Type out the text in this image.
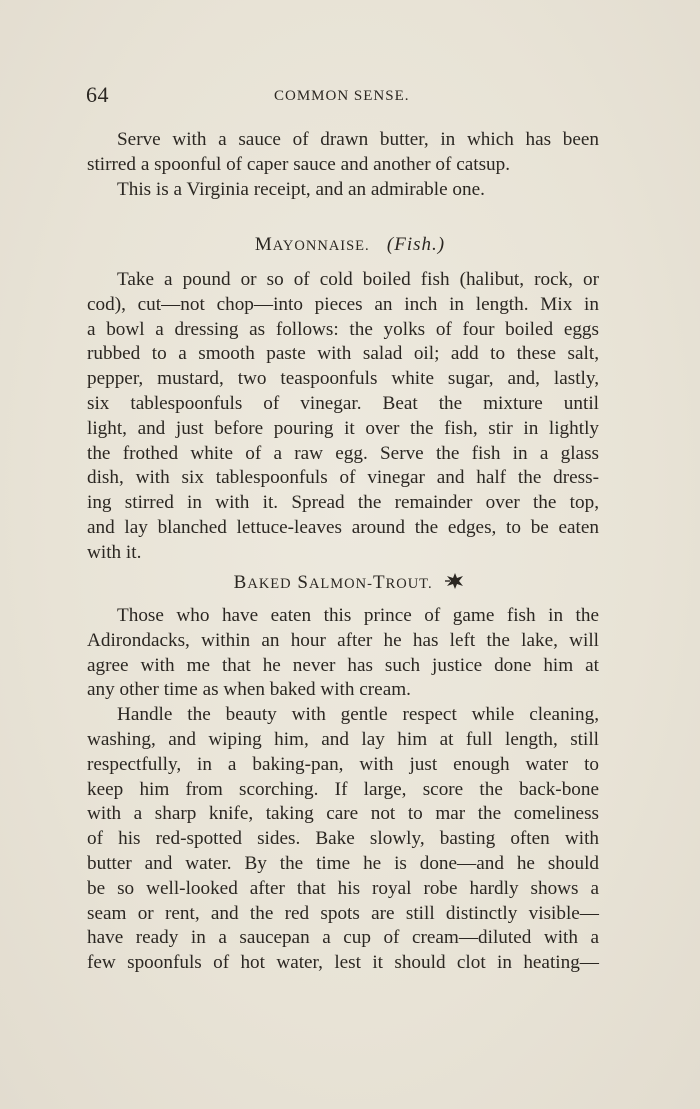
64	COMMON SENSE.

Serve with a sauce of drawn butter, in which has been

stirred a spoonful of caper sauce and another of catsup.

This is a Virginia receipt, and an admirable one.

MAYONNAISE. (Fish.)

Take a pound or so of cold boiled fish (halibut, rock, or

cod), cut—not chop—into pieces an inch in length. Mix in

a bowl a dressing as follows: the yolks of four boiled eggs

rubbed to a smooth paste with salad oil; add to these salt,

pepper, mustard, two teaspoonfuls white sugar, and, lastly,

six tablespoonfuls of vinegar. Beat the mixture until

light, and just before pouring it over the fish, stir in lightly

the frothed white of a raw egg. Serve the fish in a glass

dish, with six tablespoonfuls of vinegar and half the dress-

ing stirred in with it. Spread the remainder over the top,

and lay blanched lettuce-leaves around the edges, to be eaten

with it.

BAKED SALMON-TROUT.

Those who have eaten this prince of game fish in the

Adirondacks, within an hour after he has left the lake, will

agree with me that he never has such justice done him at

any other time as when baked with cream.

Handle the beauty with gentle respect while cleaning,

washing, and wiping him, and lay him at full length, still

respectfully, in a baking-pan, with just enough water to

keep him from scorching. If large, score the back-bone

with a sharp knife, taking care not to mar the comeliness

of his red-spotted sides. Bake slowly, basting often with

butter and water. By the time he is done—and he should

be so well-looked after that his royal robe hardly shows a

seam or rent, and the red spots are still distinctly visible—

have ready in a saucepan a cup of cream—diluted with a

few spoonfuls of hot water, lest it should clot in heating—
